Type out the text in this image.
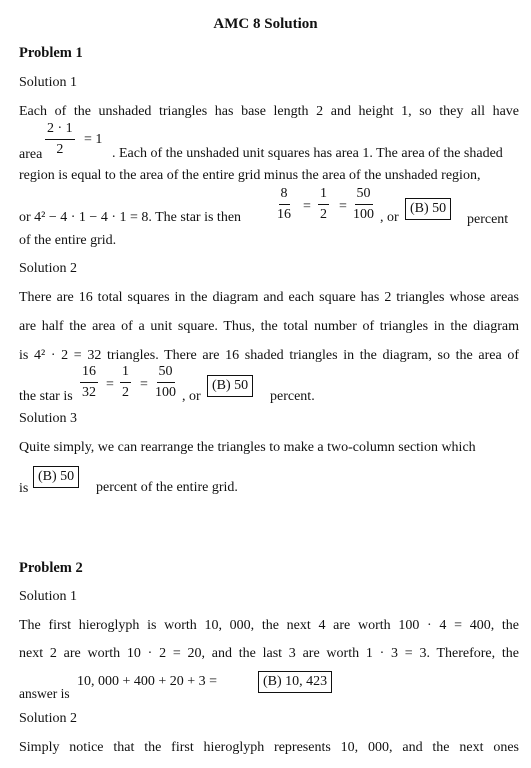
AMC 8 Solution
Problem 1
Solution 1
Each of the unshaded triangles has base length 2 and height 1, so they all have
$\frac{2 \cdot 1}{2} = 1$
area	. Each of the unshaded unit squares has area 1. The area of the shaded
region is equal to the area of the entire grid minus the area of the unshaded region,
or 4² − 4 · 1 − 4 · 1 = 8. The star is then	$\frac{8}{16} = \frac{1}{2} = \frac{50}{100}$ , or
(B) 50
percent
of the entire grid.
Solution 2
There are 16 total squares in the diagram and each square has 2 triangles whose areas
are half the area of a unit square. Thus, the total number of triangles in the diagram
is 4² · 2 = 32 triangles. There are 16 shaded triangles in the diagram, so the area of
the star is $\frac{16}{32} = \frac{1}{2} = \frac{50}{100}$ , or
(B) 50
percent.
Solution 3
Quite simply, we can rearrange the triangles to make a two-column section which
is
(B) 50
percent of the entire grid.
Problem 2
Solution 1
The first hieroglyph is worth 10, 000, the next 4 are worth 100 · 4 = 400, the
next 2 are worth 10 · 2 = 20, and the last 3 are worth 1 · 3 = 3. Therefore, the
answer is
10, 000 + 400 + 20 + 3 =	(B) 10, 423
Solution 2
Simply notice that the first hieroglyph represents 10, 000, and the next ones
